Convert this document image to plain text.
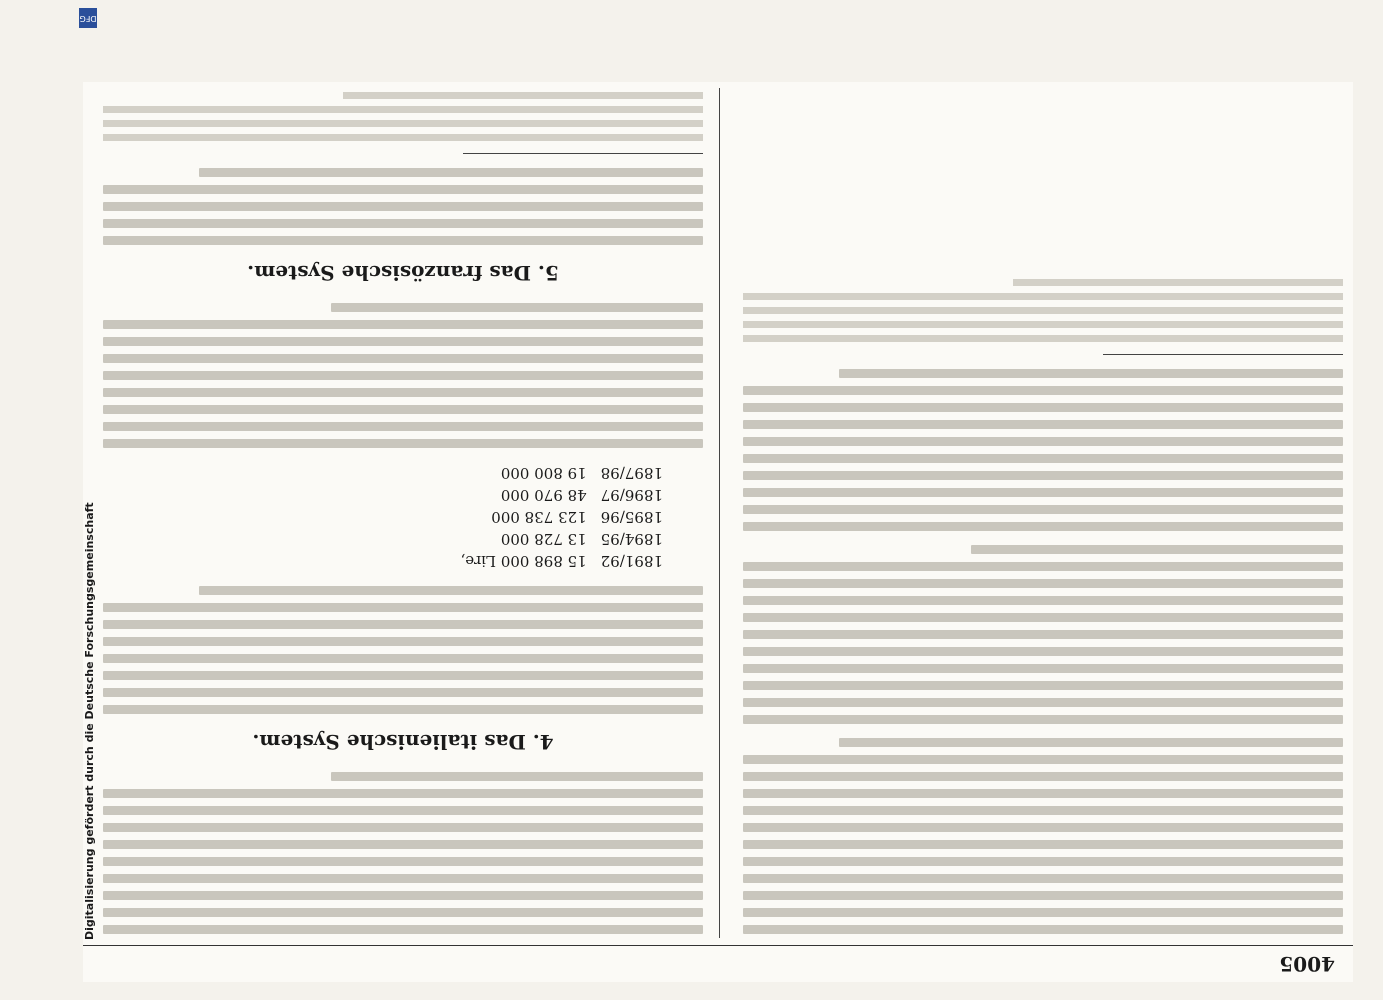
4005
4. Das italienische System.
1891/92	15 898 000 Lire,
1894/95	13 728 000
1895/96	123 738 000
1896/97	48 970 000
1897/98	19 800 000
5. Das französische System.
Digitalisierung gefördert durch die Deutsche Forschungsgemeinschaft
DFG
